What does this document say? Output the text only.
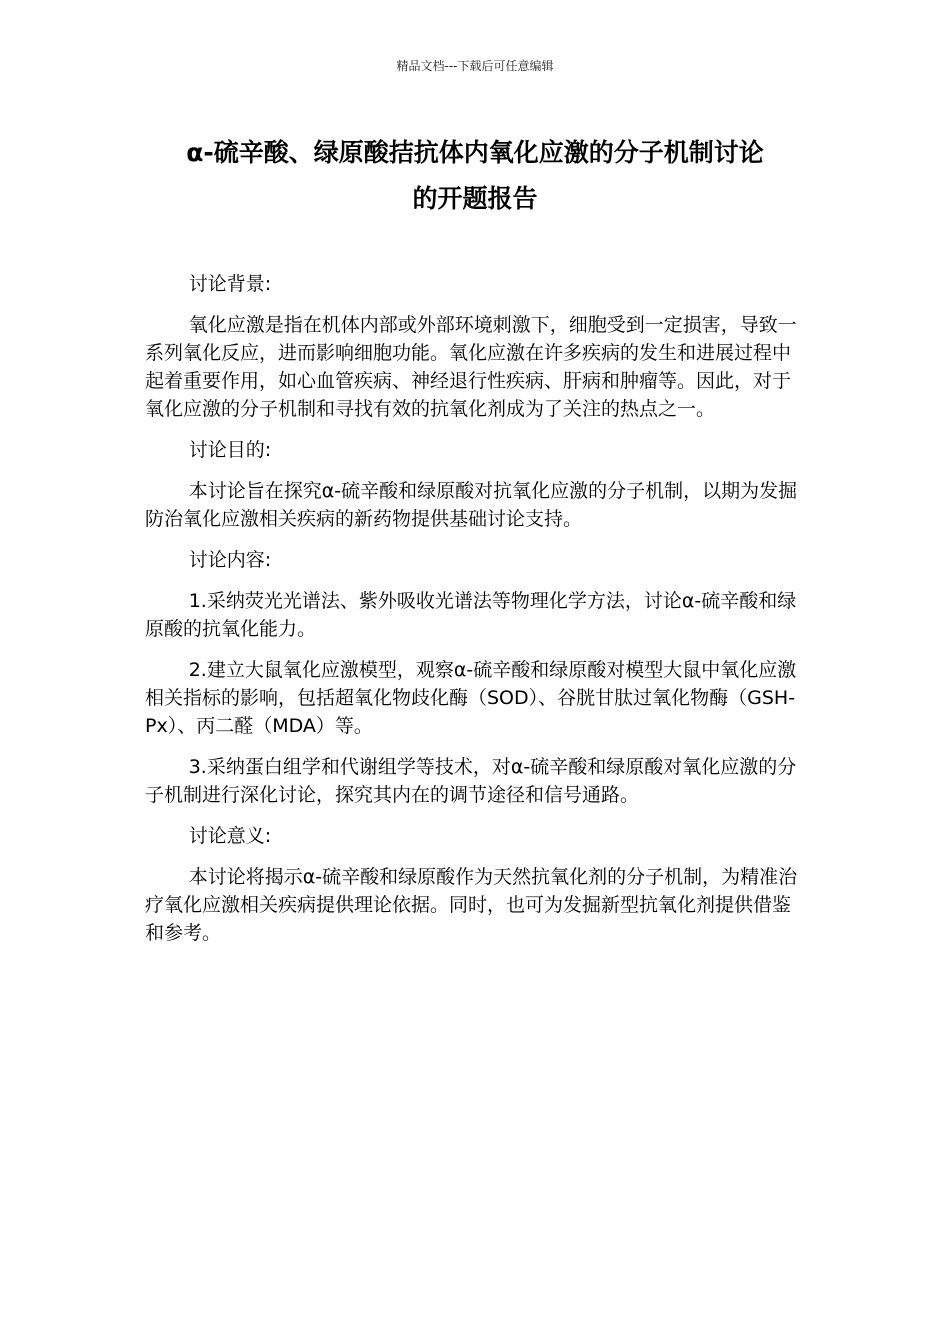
精品文档---下载后可任意编辑
α-硫辛酸、绿原酸拮抗体内氧化应激的分子机制讨论
的开题报告

讨论背景:

氧化应激是指在机体内部或外部环境刺激下，细胞受到一定损害，导致一系列氧化反应，进而影响细胞功能。氧化应激在许多疾病的发生和进展过程中起着重要作用，如心血管疾病、神经退行性疾病、肝病和肿瘤等。因此，对于氧化应激的分子机制和寻找有效的抗氧化剂成为了关注的热点之一。

讨论目的:

本讨论旨在探究α-硫辛酸和绿原酸对抗氧化应激的分子机制，以期为发掘防治氧化应激相关疾病的新药物提供基础讨论支持。

讨论内容:

1.采纳荧光光谱法、紫外吸收光谱法等物理化学方法，讨论α-硫辛酸和绿原酸的抗氧化能力。

2.建立大鼠氧化应激模型，观察α-硫辛酸和绿原酸对模型大鼠中氧化应激相关指标的影响，包括超氧化物歧化酶（SOD）、谷胱甘肽过氧化物酶（GSH-Px）、丙二醛（MDA）等。

3.采纳蛋白组学和代谢组学等技术，对α-硫辛酸和绿原酸对氧化应激的分子机制进行深化讨论，探究其内在的调节途径和信号通路。

讨论意义:

本讨论将揭示α-硫辛酸和绿原酸作为天然抗氧化剂的分子机制，为精准治疗氧化应激相关疾病提供理论依据。同时，也可为发掘新型抗氧化剂提供借鉴和参考。
